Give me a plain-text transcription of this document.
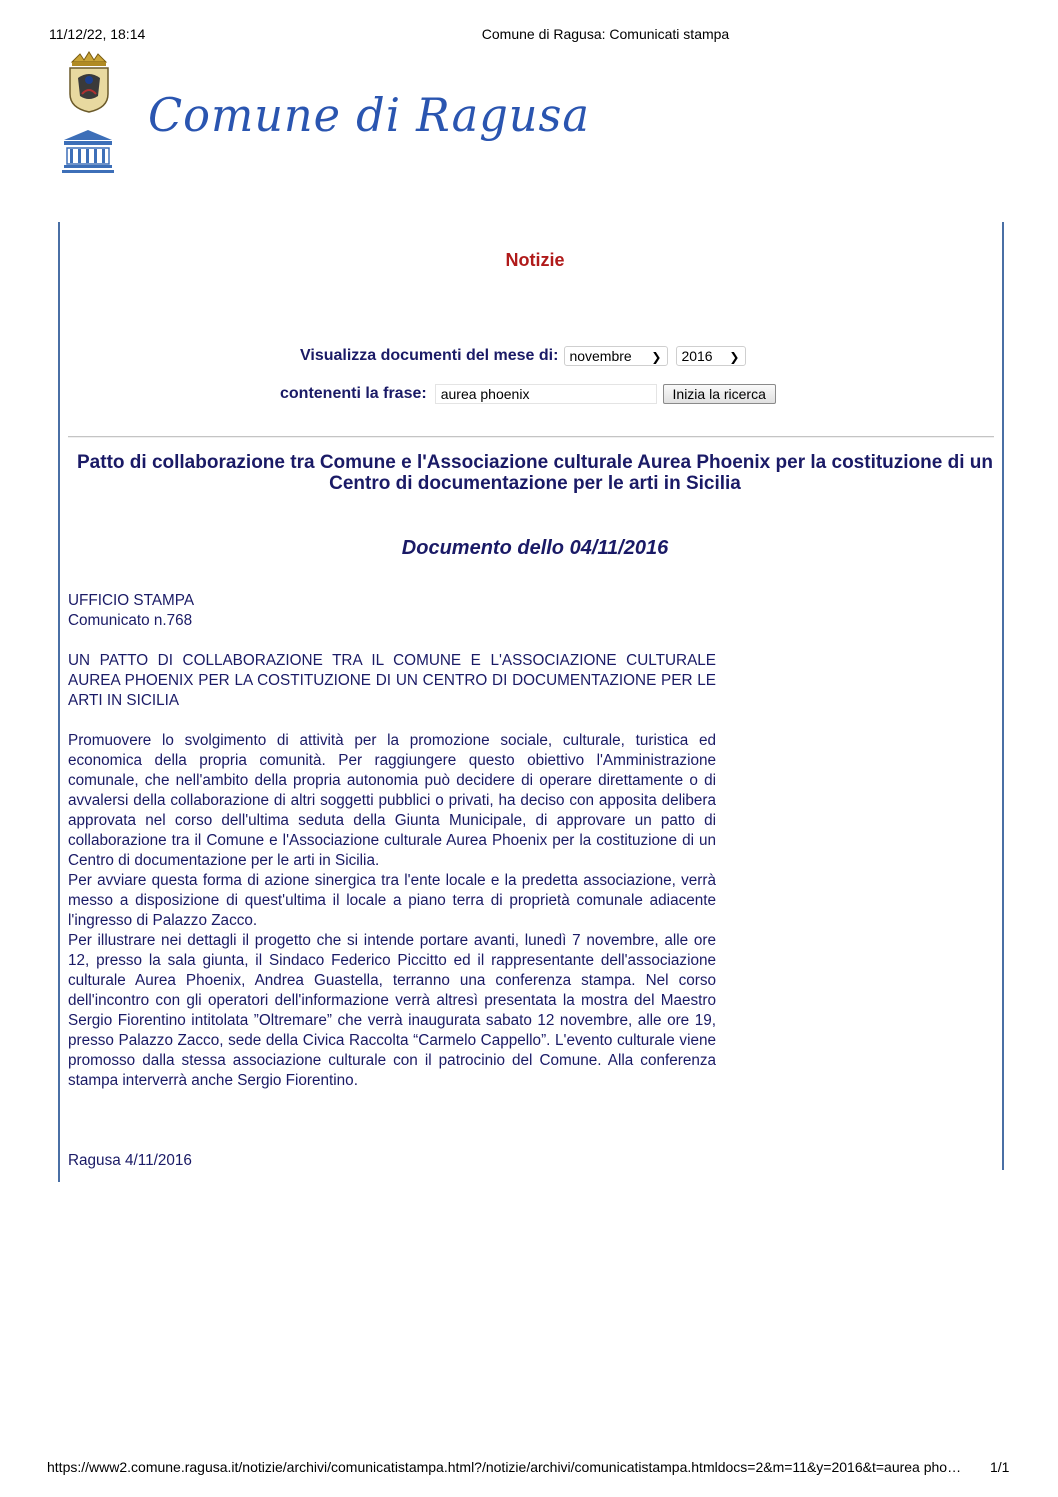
11/12/22, 18:14	Comune di Ragusa: Comunicati stampa
Comune di Ragusa
Notizie
Visualizza documenti del mese di: novembre ❯ 2016 ❯
contenenti la frase:
aurea phoenix	Inizia la ricerca
Patto di collaborazione tra Comune e l'Associazione culturale Aurea Phoenix per la costituzione di un Centro di documentazione per le arti in Sicilia
Documento dello 04/11/2016
UFFICIO STAMPA
Comunicato n.768
UN PATTO DI COLLABORAZIONE TRA IL COMUNE E L'ASSOCIAZIONE CULTURALE AUREA PHOENIX PER LA COSTITUZIONE DI UN CENTRO DI DOCUMENTAZIONE PER LE ARTI IN SICILIA

Promuovere lo svolgimento di attività per la promozione sociale, culturale, turistica ed economica della propria comunità. Per raggiungere questo obiettivo l'Amministrazione comunale, che nell'ambito della propria autonomia può decidere di operare direttamente o di avvalersi della collaborazione di altri soggetti pubblici o privati, ha deciso con apposita delibera approvata nel corso dell'ultima seduta della Giunta Municipale, di approvare un patto di collaborazione tra il Comune e l'Associazione culturale Aurea Phoenix per la costituzione di un Centro di documentazione per le arti in Sicilia.

Per avviare questa forma di azione sinergica tra l'ente locale e la predetta associazione, verrà messo a disposizione di quest'ultima il locale a piano terra di proprietà comunale adiacente l'ingresso di Palazzo Zacco.

Per illustrare nei dettagli il progetto che si intende portare avanti, lunedì 7 novembre, alle ore 12, presso la sala giunta, il Sindaco Federico Piccitto ed il rappresentante dell'associazione culturale Aurea Phoenix, Andrea Guastella, terranno una conferenza stampa. Nel corso dell'incontro con gli operatori dell'informazione verrà altresì presentata la mostra del Maestro Sergio Fiorentino intitolata ”Oltremare” che verrà inaugurata sabato 12 novembre, alle ore 19, presso Palazzo Zacco, sede della Civica Raccolta “Carmelo Cappello”. L'evento culturale viene promosso dalla stessa associazione culturale con il patrocinio del Comune. Alla conferenza stampa interverrà anche Sergio Fiorentino.

Ragusa 4/11/2016
https://www2.comune.ragusa.it/notizie/archivi/comunicatistampa.html?/notizie/archivi/comunicatistampa.htmldocs=2&m=11&y=2016&t=aurea pho… 1/1
